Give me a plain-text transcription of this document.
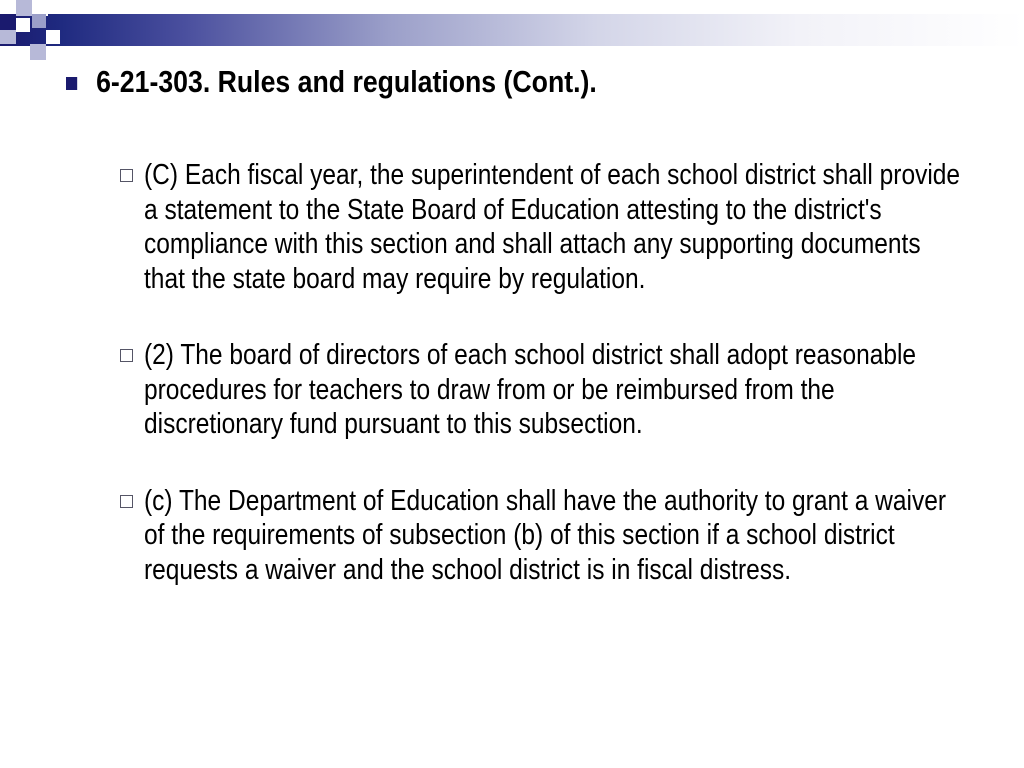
6-21-303. Rules and regulations (Cont.).
(C) Each fiscal year, the superintendent of each school district shall provide a statement to the State Board of Education attesting to the district's compliance with this section and shall attach any supporting documents that the state board may require by regulation.
(2) The board of directors of each school district shall adopt reasonable procedures for teachers to draw from or be reimbursed from the discretionary fund pursuant to this subsection.
(c) The Department of Education shall have the authority to grant a waiver of the requirements of subsection (b) of this section if a school district requests a waiver and the school district is in fiscal distress.
